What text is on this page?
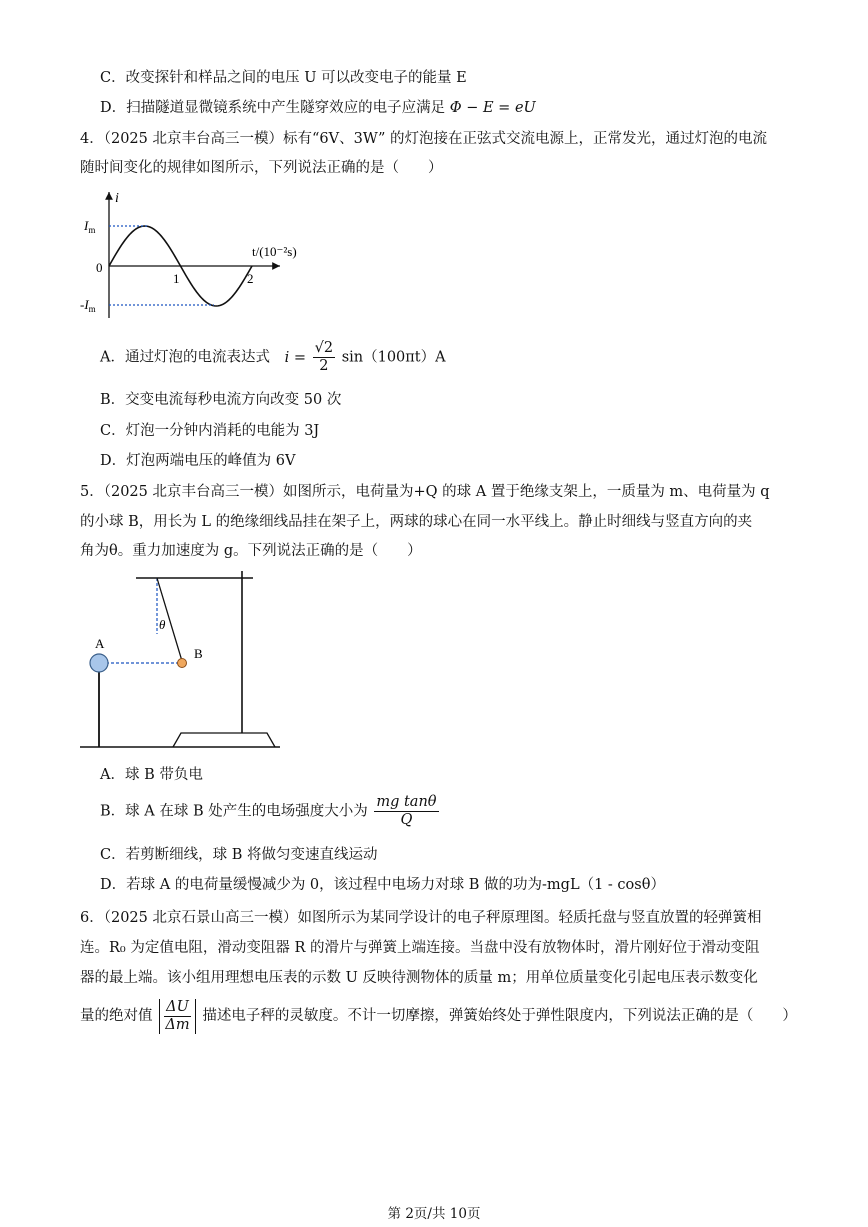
C．改变探针和样品之间的电压 U 可以改变电子的能量 E
D．扫描隧道显微镜系统中产生隧穿效应的电子应满足 Φ − E = eU
4．（2025 北京丰台高三一模）标有“6V、3W” 的灯泡接在正弦式交流电源上，正常发光，通过灯泡的电流
随时间变化的规律如图所示，下列说法正确的是（　　）
i
t/(10⁻²s)
$I_m$
0
$-I_m$
1	2
A．通过灯泡的电流表达式 $i = \frac{√2}{2} \sin(100\pi t)A$
B．交变电流每秒电流方向改变 50 次
C．灯泡一分钟内消耗的电能为 3J
D．灯泡两端电压的峰值为 6V
5．（2025 北京丰台高三一模）如图所示，电荷量为+Q 的球 A 置于绝缘支架上，一质量为 m、电荷量为 q
的小球 B，用长为 L 的绝缘细线品挂在架子上，两球的球心在同一水平线上。静止时细线与竖直方向的夹
角为θ。重力加速度为 g。下列说法正确的是（　　）
A
B
θ
A．球 B 带负电
B．球 A 在球 B 处产生的电场强度大小为 $\frac{\text{mg tanθ}}{Q}$
C．若剪断细线，球 B 将做匀变速直线运动
D．若球 A 的电荷量缓慢减少为 0，该过程中电场力对球 B 做的功为-mgL（1 - cosθ）
6．（2025 北京石景山高三一模）如图所示为某同学设计的电子秤原理图。轻质托盘与竖直放置的轻弹簧相
连。R₀ 为定值电阻，滑动变阻器 R 的滑片与弹簧上端连接。当盘中没有放物体时，滑片刚好位于滑动变阻
器的最上端。该小组用理想电压表的示数 U 反映待测物体的质量 m；用单位质量变化引起电压表示数变化
量的绝对值 $\frac{\Delta U}{\Delta m}$ 描述电子秤的灵敏度。不计一切摩擦，弹簧始终处于弹性限度内，下列说法正确的是（　　）
第 2页/共 10页
